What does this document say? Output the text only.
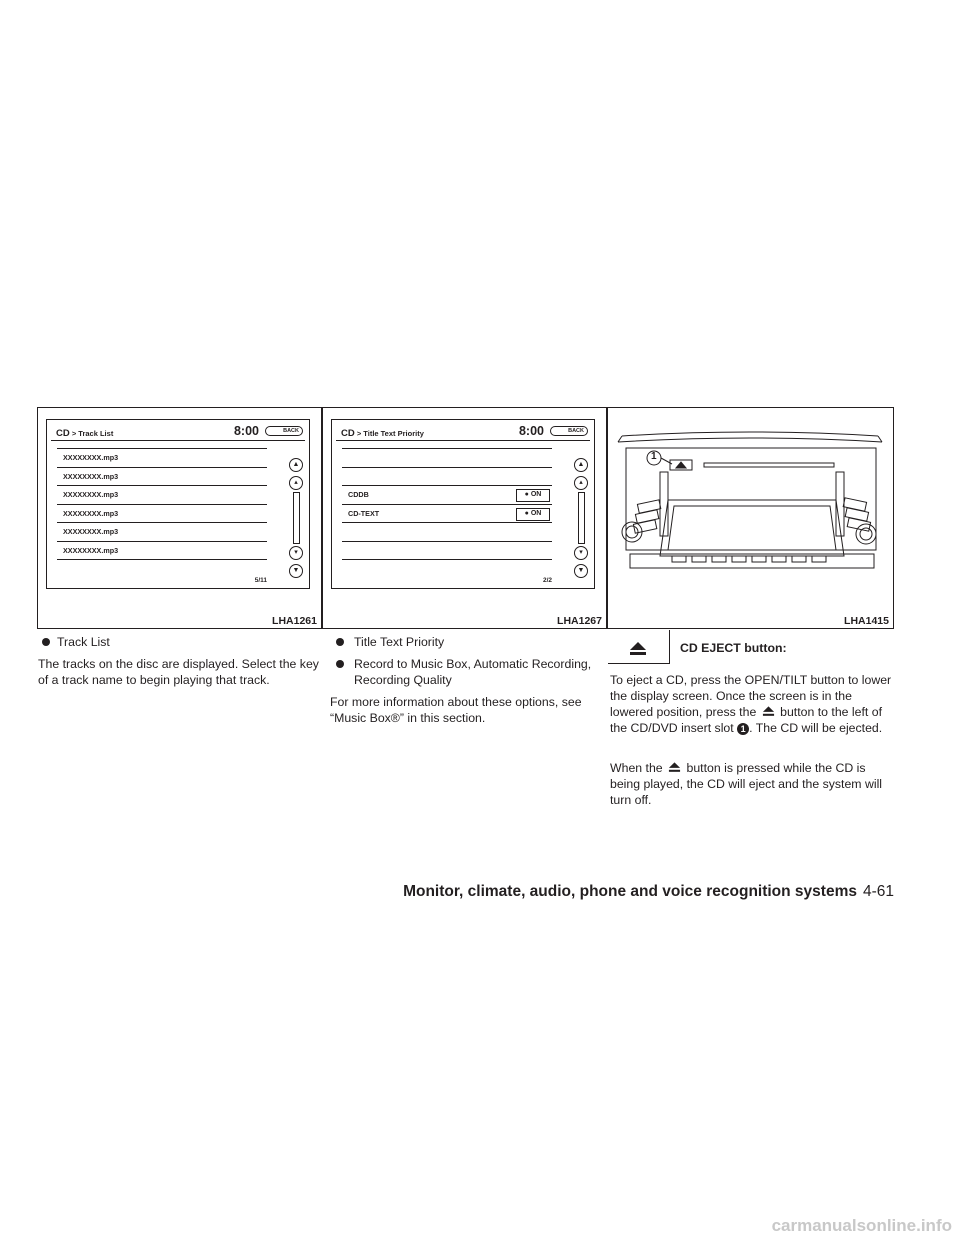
CD > Track List	8:00	BACK
XXXXXXXX.mp3
XXXXXXXX.mp3
XXXXXXXX.mp3
XXXXXXXX.mp3
XXXXXXXX.mp3
XXXXXXXX.mp3
▲
▴
▾
▼
5/11
LHA1261
CD > Title Text Priority	8:00	BACK
CDDB	● ON
CD-TEXT	● ON
▲
▴
▾
▼
2/2
LHA1267
1
LHA1415
Track List
The tracks on the disc are displayed. Select the key of a track name to begin playing that track.
Title Text Priority
Record to Music Box, Automatic Recording, Recording Quality
For more information about these options, see “Music Box®” in this section.
CD EJECT button:
To eject a CD, press the OPEN/TILT button to lower the display screen. Once the screen is in the lowered position, press the button to the left of the CD/DVD insert slot 1 . The CD will be ejected.
When the button is pressed while the CD is being played, the CD will eject and the system will turn off.
Monitor, climate, audio, phone and voice recognition systems 4-61
carmanualsonline.info
